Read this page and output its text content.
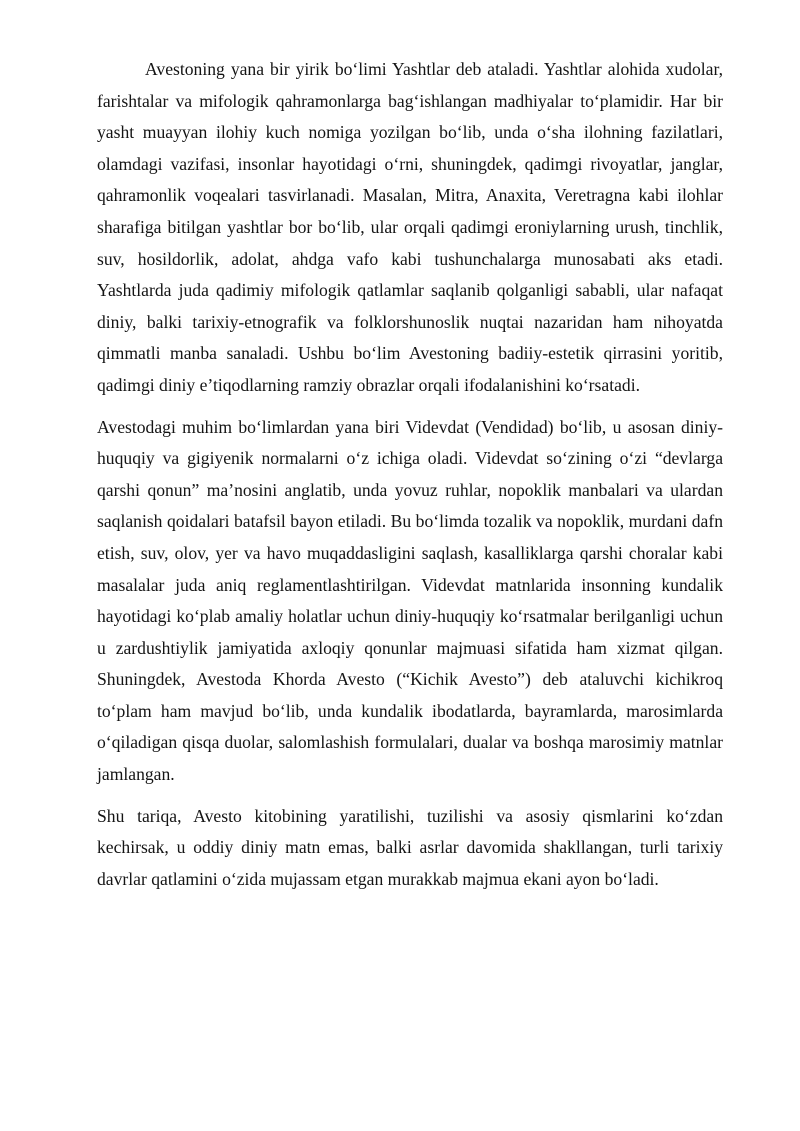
Avestoning yana bir yirik bo‘limi Yashtlar deb ataladi. Yashtlar alohida xudolar, farishtalar va mifologik qahramonlarga bag‘ishlangan madhiyalar to‘plamidir. Har bir yasht muayyan ilohiy kuch nomiga yozilgan bo‘lib, unda o‘sha ilohning fazilatlari, olamdagi vazifasi, insonlar hayotidagi o‘rni, shuningdek, qadimgi rivoyatlar, janglar, qahramonlik voqealari tasvirlanadi. Masalan, Mitra, Anaxita, Veretragna kabi ilohlar sharafiga bitilgan yashtlar bor bo‘lib, ular orqali qadimgi eroniylarning urush, tinchlik, suv, hosildorlik, adolat, ahdga vafo kabi tushunchalarga munosabati aks etadi. Yashtlarda juda qadimiy mifologik qatlamlar saqlanib qolganligi sababli, ular nafaqat diniy, balki tarixiy-etnografik va folklorshunoslik nuqtai nazaridan ham nihoyatda qimmatli manba sanaladi. Ushbu bo‘lim Avestoning badiiy-estetik qirrasini yoritib, qadimgi diniy e’tiqodlarning ramziy obrazlar orqali ifodalanishini ko‘rsatadi.

Avestodagi muhim bo‘limlardan yana biri Videvdat (Vendidad) bo‘lib, u asosan diniy-huquqiy va gigiyenik normalarni o‘z ichiga oladi. Videvdat so‘zining o‘zi “devlarga qarshi qonun” ma’nosini anglatib, unda yovuz ruhlar, nopoklik manbalari va ulardan saqlanish qoidalari batafsil bayon etiladi. Bu bo‘limda tozalik va nopoklik, murdani dafn etish, suv, olov, yer va havo muqaddasligini saqlash, kasalliklarga qarshi choralar kabi masalalar juda aniq reglamentlashtirilgan. Videvdat matnlarida insonning kundalik hayotidagi ko‘plab amaliy holatlar uchun diniy-huquqiy ko‘rsatmalar berilganligi uchun u zardushtiylik jamiyatida axloqiy qonunlar majmuasi sifatida ham xizmat qilgan. Shuningdek, Avestoda Khorda Avesto (“Kichik Avesto”) deb ataluvchi kichikroq to‘plam ham mavjud bo‘lib, unda kundalik ibodatlarda, bayramlarda, marosimlarda o‘qiladigan qisqa duolar, salomlashish formulalari, dualar va boshqa marosimiy matnlar jamlangan.

Shu tariqa, Avesto kitobining yaratilishi, tuzilishi va asosiy qismlarini ko‘zdan kechirsak, u oddiy diniy matn emas, balki asrlar davomida shakllangan, turli tarixiy davrlar qatlamini o‘zida mujassam etgan murakkab majmua ekani ayon bo‘ladi.
